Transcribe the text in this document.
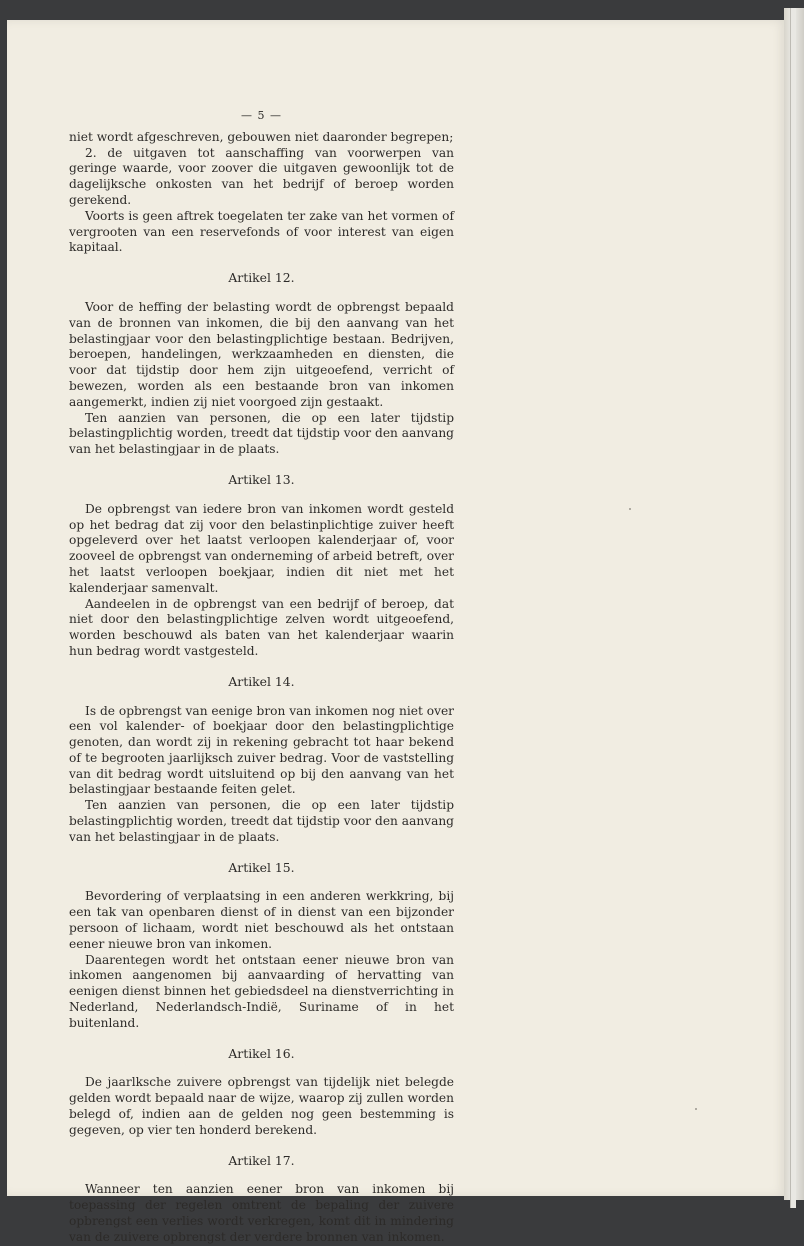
— 5 —

niet wordt afgeschreven, gebouwen niet daaronder begrepen;

2. de uitgaven tot aanschaffing van voorwerpen van geringe waarde, voor zoover die uitgaven gewoonlijk tot de dagelijksche onkosten van het bedrijf of beroep worden gerekend.

Voorts is geen aftrek toegelaten ter zake van het vormen of vergrooten van een reservefonds of voor interest van eigen kapitaal.

Artikel 12.

Voor de heffing der belasting wordt de opbrengst bepaald van de bronnen van inkomen, die bij den aanvang van het belastingjaar voor den belastingplichtige bestaan. Bedrijven, beroepen, handelingen, werkzaamheden en diensten, die voor dat tijdstip door hem zijn uitgeoefend, verricht of bewezen, worden als een bestaande bron van inkomen aangemerkt, indien zij niet voorgoed zijn gestaakt.

Ten aanzien van personen, die op een later tijdstip belastingplichtig worden, treedt dat tijdstip voor den aanvang van het belastingjaar in de plaats.

Artikel 13.

De opbrengst van iedere bron van inkomen wordt gesteld op het bedrag dat zij voor den belastinplichtige zuiver heeft opgeleverd over het laatst verloopen kalenderjaar of, voor zooveel de opbrengst van onderneming of arbeid betreft, over het laatst verloopen boekjaar, indien dit niet met het kalenderjaar samenvalt.

Aandeelen in de opbrengst van een bedrijf of beroep, dat niet door den belastingplichtige zelven wordt uitgeoefend, worden beschouwd als baten van het kalenderjaar waarin hun bedrag wordt vastgesteld.

Artikel 14.

Is de opbrengst van eenige bron van inkomen nog niet over een vol kalender- of boekjaar door den belastingplichtige genoten, dan wordt zij in rekening gebracht tot haar bekend of te begrooten jaarlijksch zuiver bedrag. Voor de vaststelling van dit bedrag wordt uitsluitend op bij den aanvang van het belastingjaar bestaande feiten gelet.

Ten aanzien van personen, die op een later tijdstip belastingplichtig worden, treedt dat tijdstip voor den aanvang van het belastingjaar in de plaats.

Artikel 15.

Bevordering of verplaatsing in een anderen werkkring, bij een tak van openbaren dienst of in dienst van een bijzonder persoon of lichaam, wordt niet beschouwd als het ontstaan eener nieuwe bron van inkomen.

Daarentegen wordt het ontstaan eener nieuwe bron van inkomen aangenomen bij aanvaarding of hervatting van eenigen dienst binnen het gebiedsdeel na dienstverrichting in Nederland, Nederlandsch-Indië, Suriname of in het buitenland.

Artikel 16.

De jaarlksche zuivere opbrengst van tijdelijk niet belegde gelden wordt bepaald naar de wijze, waarop zij zullen worden belegd of, indien aan de gelden nog geen bestemming is gegeven, op vier ten honderd berekend.

Artikel 17.

Wanneer ten aanzien eener bron van inkomen bij toepassing der regelen omtrent de bepaling der zuivere opbrengst een verlies wordt verkregen, komt dit in mindering van de zuivere opbrengst der verdere bronnen van inkomen.
